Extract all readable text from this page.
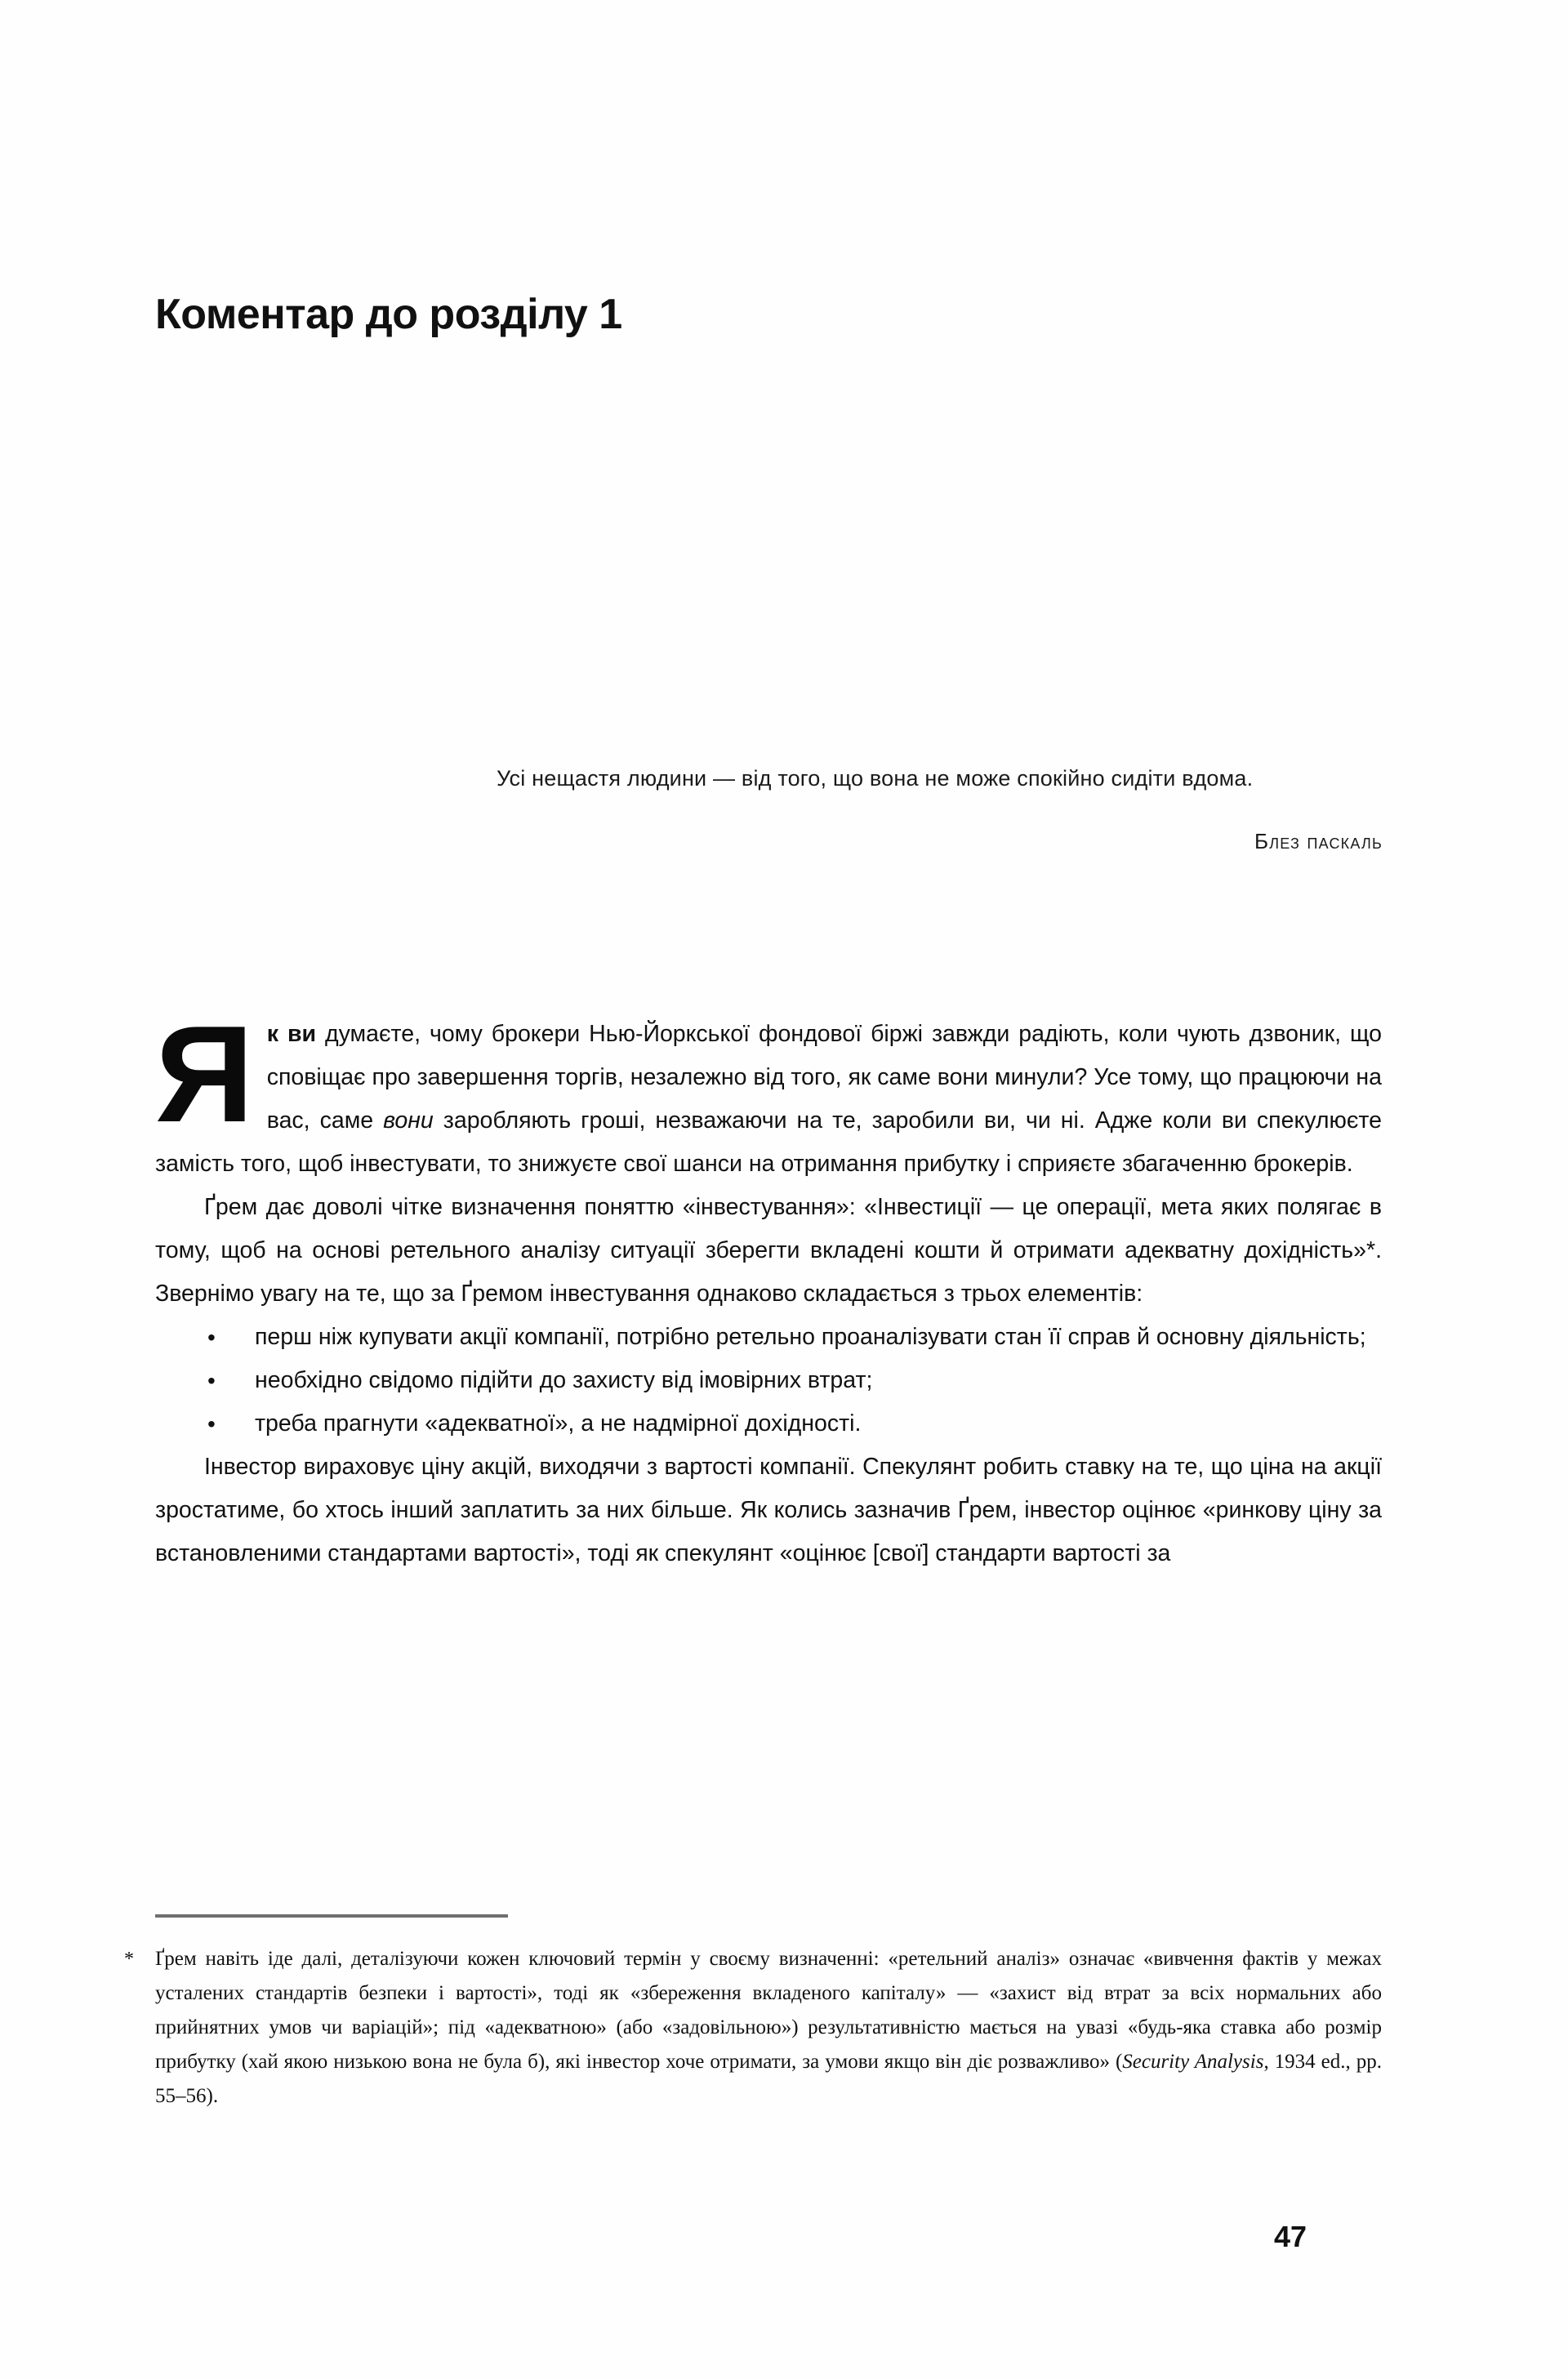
Коментар до розділу 1
Усі нещастя людини — від того, що вона не може спокійно сидіти вдома.
Блез паскаль

Як ви думаєте, чому брокери Нью-Йоркської фондової біржі завжди радіють, коли чують дзвоник, що сповіщає про завершення торгів, незалежно від того, як саме вони минули? Усе тому, що працюючи на вас, саме вони заробляють гроші, незважаючи на те, заробили ви, чи ні. Адже коли ви спекулюєте замість того, щоб інвестувати, то знижуєте свої шанси на отримання прибутку і сприяєте збагаченню брокерів.

Ґрем дає доволі чітке визначення поняттю «інвестування»: «Інвестиції — це операції, мета яких полягає в тому, щоб на основі ретельного аналізу ситуації зберегти вкладені кошти й отримати адекватну дохідність»*. Звернімо увагу на те, що за Ґремом інвестування однаково складається з трьох елементів:

• перш ніж купувати акції компанії, потрібно ретельно проаналізувати стан її справ й основну діяльність;
• необхідно свідомо підійти до захисту від імовірних втрат;
• треба прагнути «адекватної», а не надмірної дохідності.

Інвестор вираховує ціну акцій, виходячи з вартості компанії. Спекулянт робить ставку на те, що ціна на акції зростатиме, бо хтось інший заплатить за них більше. Як колись зазначив Ґрем, інвестор оцінює «ринкову ціну за встановленими стандартами вартості», тоді як спекулянт «оцінює [свої] стандарти вартості за

*	Ґрем навіть іде далі, деталізуючи кожен ключовий термін у своєму визначенні: «ретельний аналіз» означає «вивчення фактів у межах усталених стандартів безпеки і вартості», тоді як «збереження вкладеного капіталу» — «захист від втрат за всіх нормальних або прийнятних умов чи варіацій»; під «адекватною» (або «задовільною») результативністю мається на увазі «будь-яка ставка або розмір прибутку (хай якою низькою вона не була б), які інвестор хоче отримати, за умови якщо він діє розважливо» (Security Analysis, 1934 ed., pp. 55–56).
47
